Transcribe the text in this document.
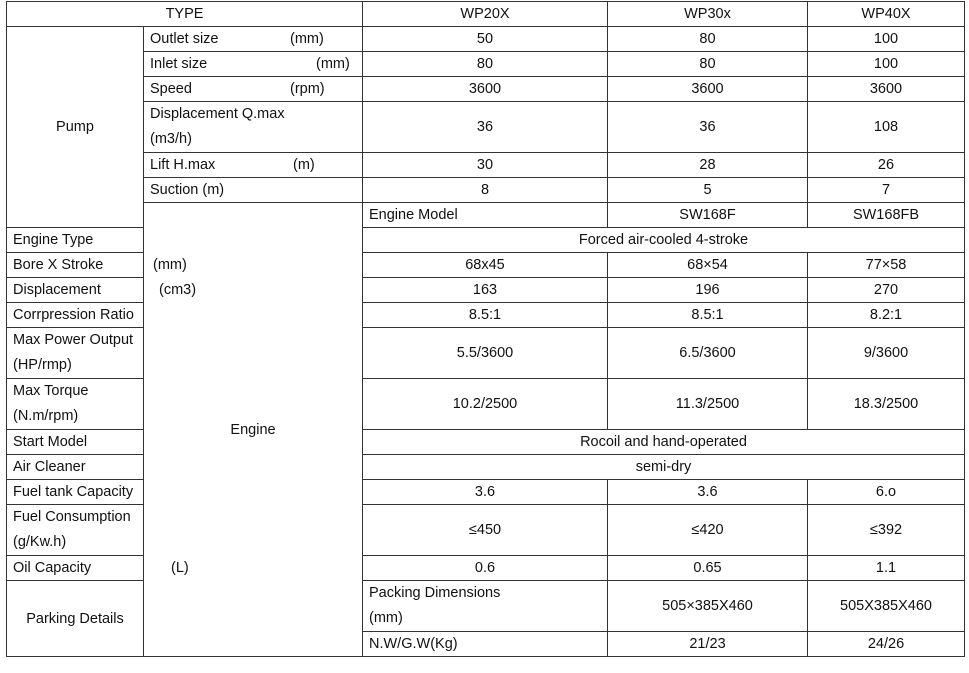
TYPE		WP20X	WP30x	WP40X	
Pump	Outlet size (mm)	50	80	100	

	Inlet size (mm)	80	80	100	

	Speed (rpm)	3600	3600	3600	

	Displacement Q.max
(m3/h)	36	36	108	

	Lift H.max (m)	30	28	26	
	Suction (m)	8	5	7	
	Engine	Engine Model	SW168F	SW168FB	
Engine Type		Forced air-cooled 4-stroke			

Bore X Stroke (mm)		68x45	68×54	77×58	

Displacement (cm3)		163	196	270	
Corrpression Ratio		8.5:1	8.5:1	8.2:1	

Max Power Output
(HP/rmp)		5.5/3600	6.5/3600	9/3600	

Max Torque
(N.m/rpm)		10.2/2500	11.3/2500	18.3/2500	
Start Model		Rocoil and hand-operated			
Air Cleaner		semi-dry			
Fuel tank Capacity		3.6	3.6	6.o	

Fuel Consumption
(g/Kw.h)		≤450	≤420	≤392	

Oil Capacity (L)		0.6	0.65	1.1	
Parking Details		Packing Dimensions
(mm)	505×385X460	505X385X460	
		N.W/G.W(Kg)	21/23	24/26	
